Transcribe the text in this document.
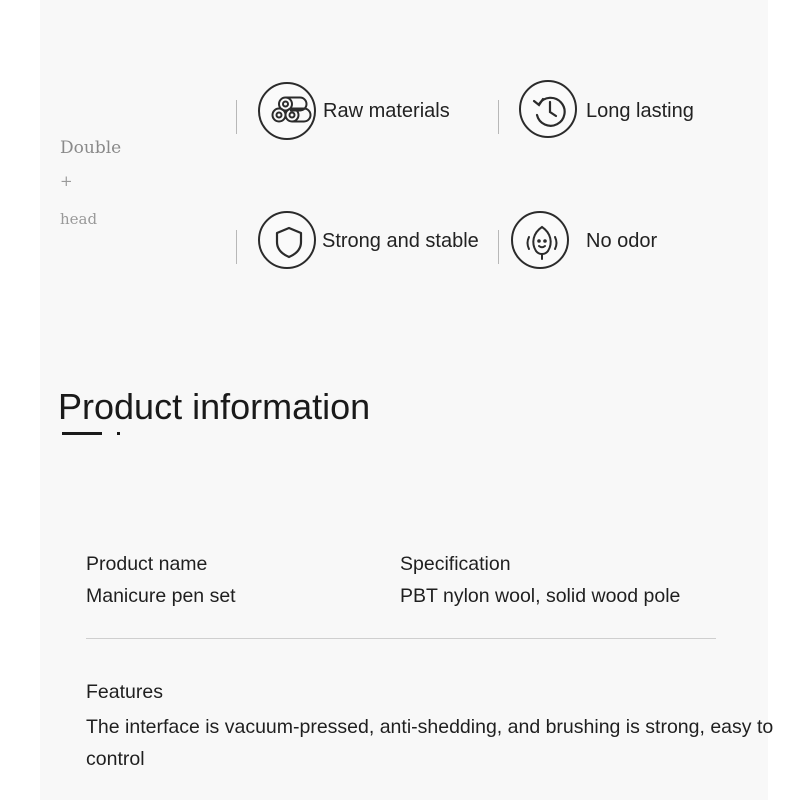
Double
+
head
Raw materials	Long lasting
Strong and stable	No odor
Product information
Product name
Manicure pen set
Specification
PBT nylon wool, solid wood pole
Features
The interface is vacuum-pressed, anti-shedding, and brushing is strong, easy to control
